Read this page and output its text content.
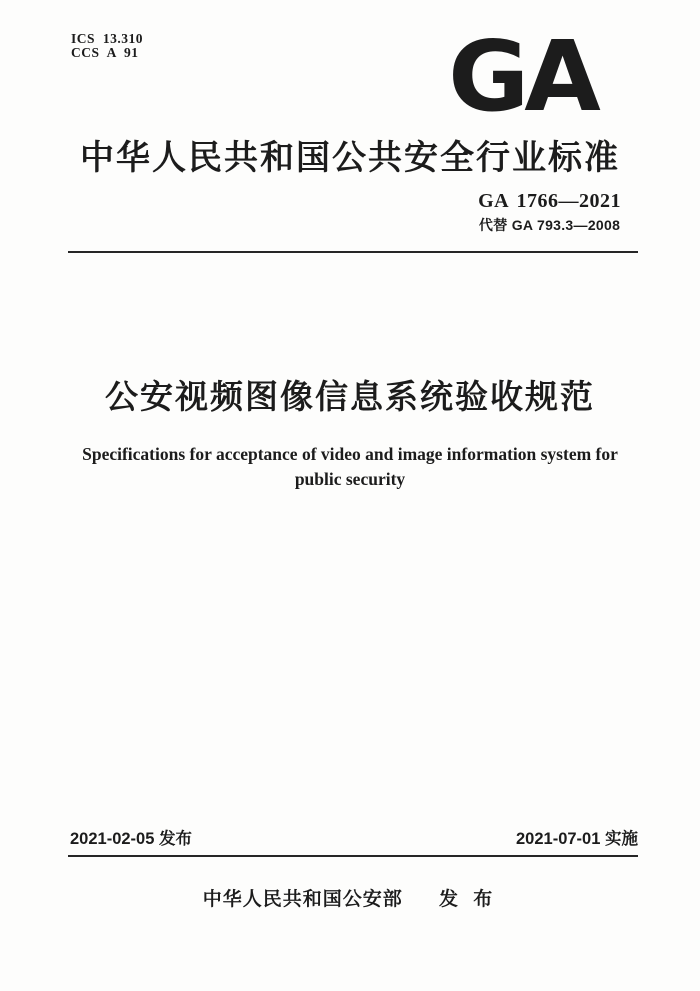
ICS 13.310
CCS A 91	GA
中华人民共和国公共安全行业标准
GA 1766—2021
代替 GA 793.3—2008
公安视频图像信息系统验收规范
Specifications for acceptance of video and image information system for
public security
2021-02-05 发布	2021-07-01 实施
中华人民共和国公安部 发 布
